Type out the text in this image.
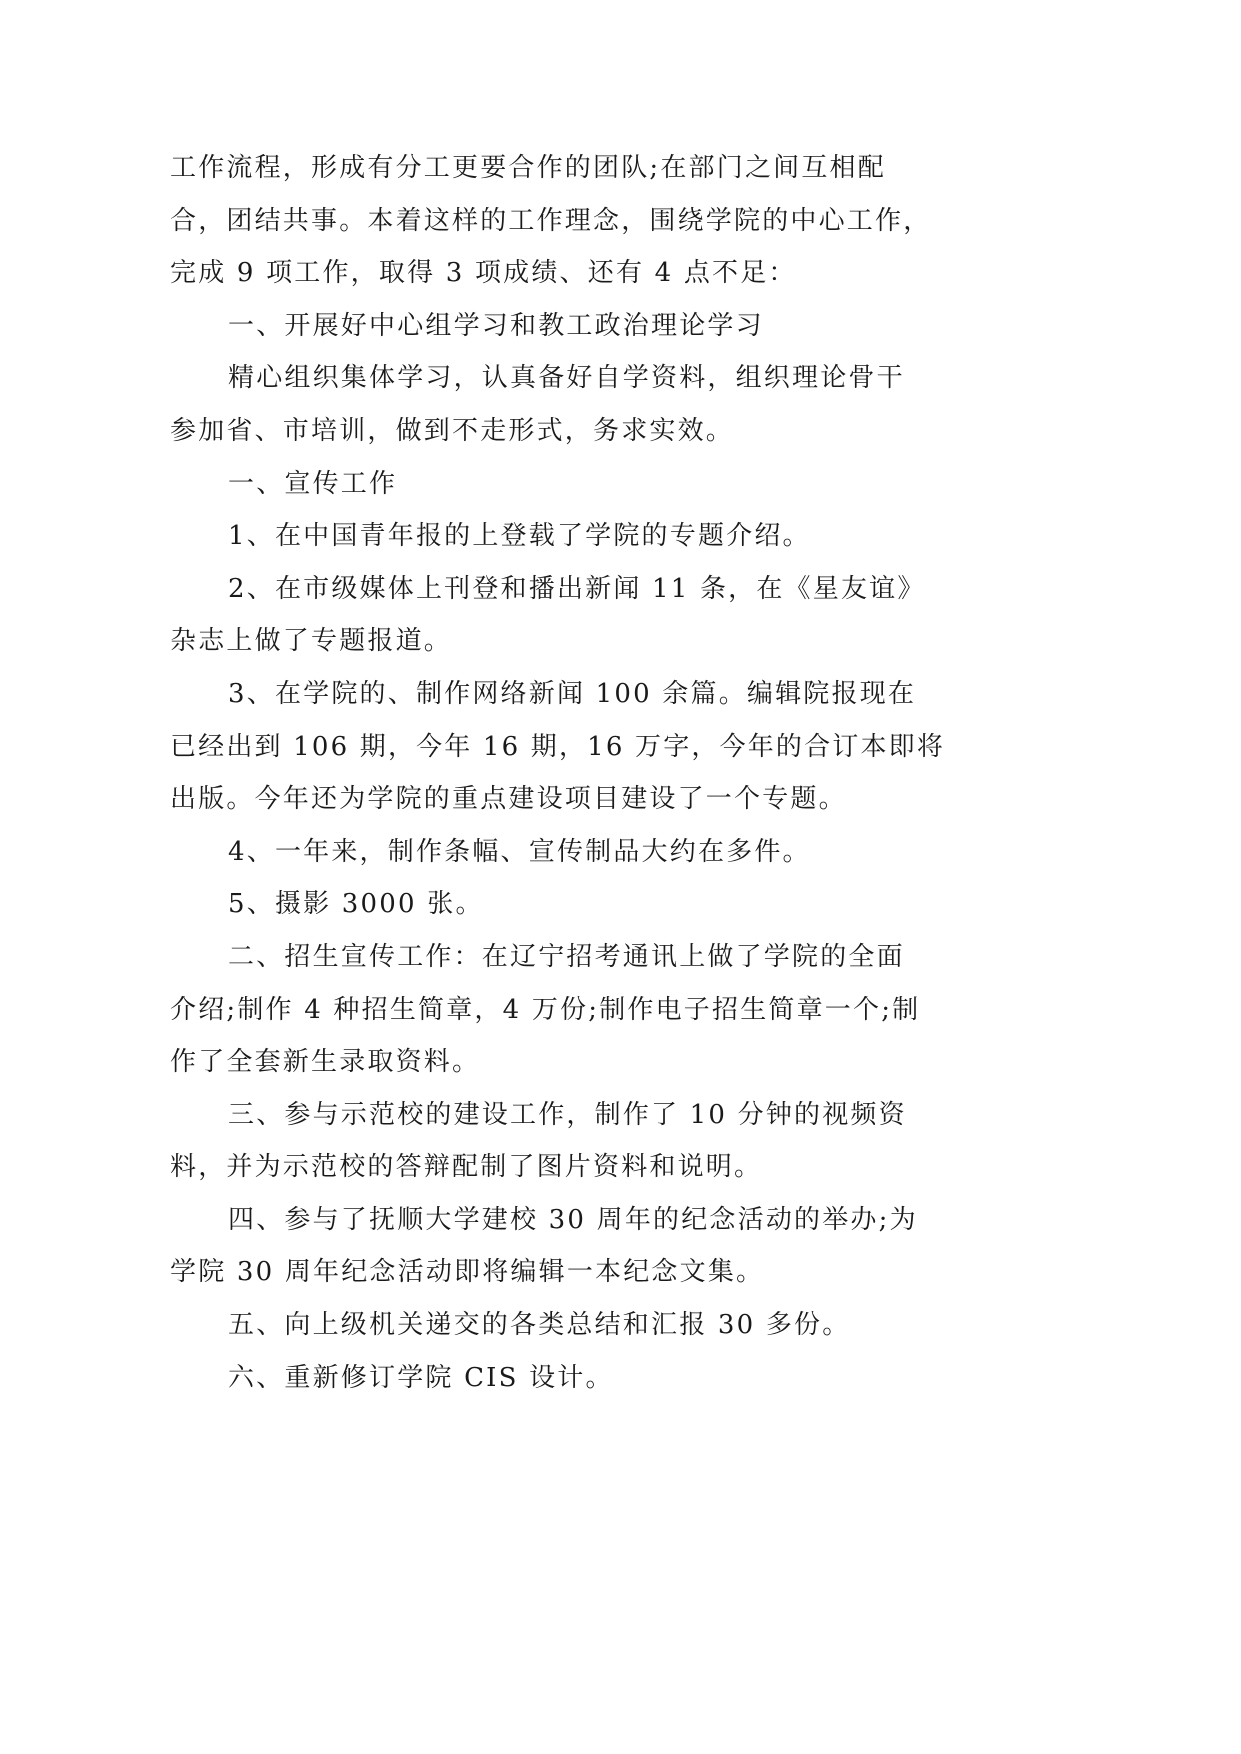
工作流程，形成有分工更要合作的团队;在部门之间互相配
合，团结共事。本着这样的工作理念，围绕学院的中心工作，
完成 9 项工作，取得 3 项成绩、还有 4 点不足：
一、开展好中心组学习和教工政治理论学习
精心组织集体学习，认真备好自学资料，组织理论骨干
参加省、市培训，做到不走形式，务求实效。
一、宣传工作
1、在中国青年报的上登载了学院的专题介绍。
2、在市级媒体上刊登和播出新闻 11 条，在《星友谊》
杂志上做了专题报道。
3、在学院的、制作网络新闻 100 余篇。编辑院报现在
已经出到 106 期，今年 16 期，16 万字，今年的合订本即将
出版。今年还为学院的重点建设项目建设了一个专题。
4、一年来，制作条幅、宣传制品大约在多件。
5、摄影 3000 张。
二、招生宣传工作：在辽宁招考通讯上做了学院的全面
介绍;制作 4 种招生简章，4 万份;制作电子招生简章一个;制
作了全套新生录取资料。
三、参与示范校的建设工作，制作了 10 分钟的视频资
料，并为示范校的答辩配制了图片资料和说明。
四、参与了抚顺大学建校 30 周年的纪念活动的举办;为
学院 30 周年纪念活动即将编辑一本纪念文集。
五、向上级机关递交的各类总结和汇报 30 多份。
六、重新修订学院 CIS 设计。
